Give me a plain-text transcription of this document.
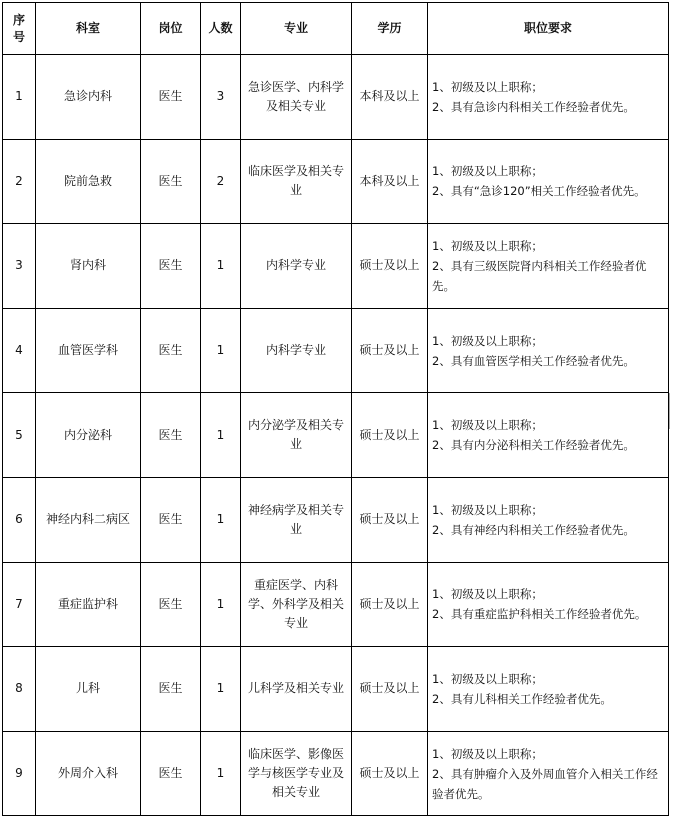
序
号	科室	岗位	人数	专业	学历	职位要求
1	急诊内科	医生	3	急诊医学、内科学及相关专业	本科及以上	1、初级及以上职称；
2、具有急诊内科相关工作经验者优先。

2	院前急救	医生	2	临床医学及相关专业	本科及以上	1、初级及以上职称；
2、具有“急诊120”相关工作经验者优先。

3	肾内科	医生	1	内科学专业	硕士及以上	1、初级及以上职称；
2、具有三级医院肾内科相关工作经验者优先。

4	血管医学科	医生	1	内科学专业	硕士及以上	1、初级及以上职称；
2、具有血管医学相关工作经验者优先。

5	内分泌科	医生	1	内分泌学及相关专业	硕士及以上	1、初级及以上职称；
2、具有内分泌科相关工作经验者优先。

6	神经内科二病区	医生	1	神经病学及相关专业	硕士及以上	1、初级及以上职称；
2、具有神经内科相关工作经验者优先。

7	重症监护科	医生	1	重症医学、内科学、外科学及相关专业	硕士及以上	1、初级及以上职称；
2、具有重症监护科相关工作经验者优先。

8	儿科	医生	1	儿科学及相关专业	硕士及以上	1、初级及以上职称；
2、具有儿科相关工作经验者优先。

9	外周介入科	医生	1	临床医学、影像医学与核医学专业及相关专业	硕士及以上	1、初级及以上职称；
2、具有肿瘤介入及外周血管介入相关工作经验者优先。
